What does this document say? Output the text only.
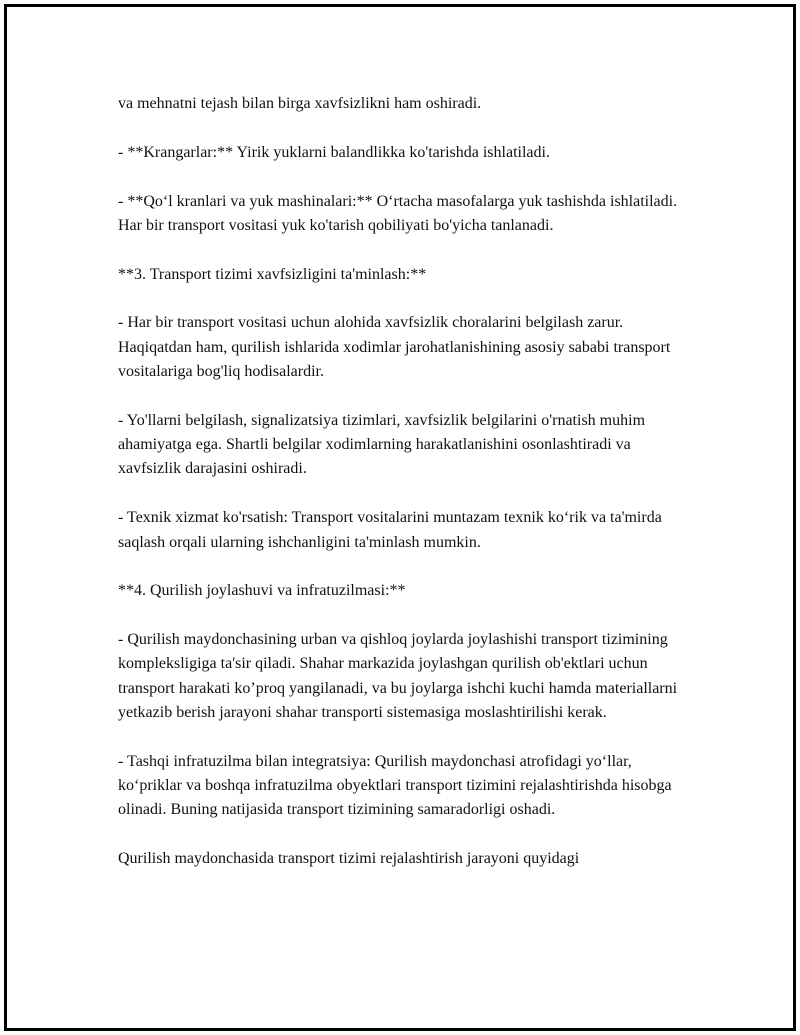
va mehnatni tejash bilan birga xavfsizlikni ham oshiradi.

- **Krangarlar:** Yirik yuklarni balandlikka ko'tarishda ishlatiladi.

- **Qo‘l kranlari va yuk mashinalari:** O‘rtacha masofalarga yuk tashishda ishlatiladi. Har bir transport vositasi yuk ko'tarish qobiliyati bo'yicha tanlanadi.

**3. Transport tizimi xavfsizligini ta'minlash:**

- Har bir transport vositasi uchun alohida xavfsizlik choralarini belgilash zarur. Haqiqatdan ham, qurilish ishlarida xodimlar jarohatlanishining asosiy sababi transport vositalariga bog'liq hodisalardir.

- Yo'llarni belgilash, signalizatsiya tizimlari, xavfsizlik belgilarini o'rnatish muhim ahamiyatga ega. Shartli belgilar xodimlarning harakatlanishini osonlashtiradi va xavfsizlik darajasini oshiradi.

- Texnik xizmat ko'rsatish: Transport vositalarini muntazam texnik ko‘rik va ta'mirda saqlash orqali ularning ishchanligini ta'minlash mumkin.

**4. Qurilish joylashuvi va infratuzilmasi:**

- Qurilish maydonchasining urban va qishloq joylarda joylashishi transport tizimining kompleksligiga ta'sir qiladi. Shahar markazida joylashgan qurilish ob'ektlari uchun transport harakati ko’proq yangilanadi, va bu joylarga ishchi kuchi hamda materiallarni yetkazib berish jarayoni shahar transporti sistemasiga moslashtirilishi kerak.

- Tashqi infratuzilma bilan integratsiya: Qurilish maydonchasi atrofidagi yo‘llar, ko‘priklar va boshqa infratuzilma obyektlari transport tizimini rejalashtirishda hisobga olinadi. Buning natijasida transport tizimining samaradorligi oshadi.

Qurilish maydonchasida transport tizimi rejalashtirish jarayoni quyidagi
